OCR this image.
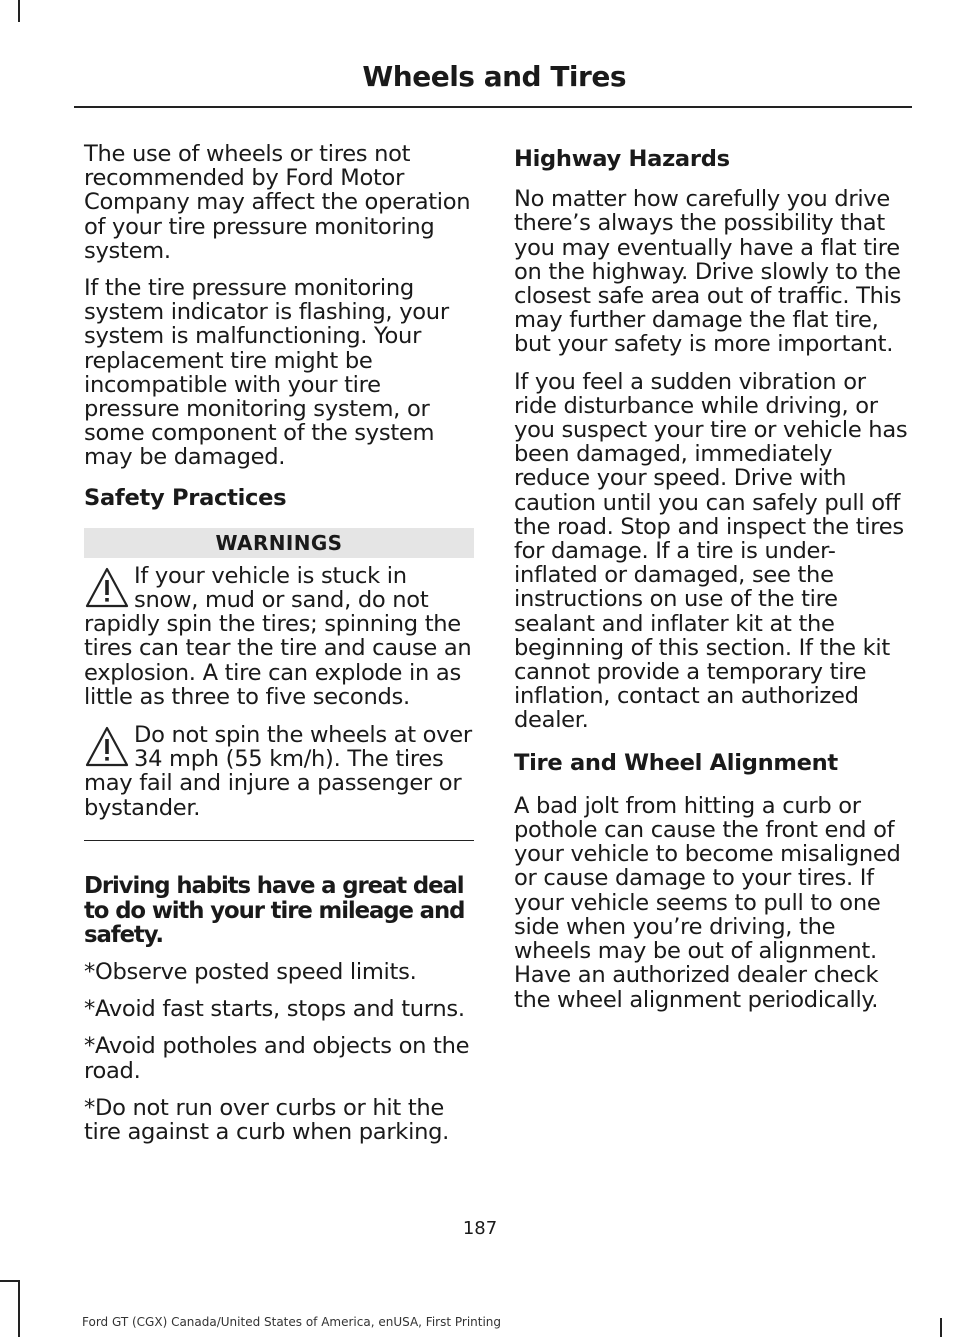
Wheels and Tires

The use of wheels or tires not recommended by Ford Motor Company may affect the operation of your tire pressure monitoring system.

If the tire pressure monitoring system indicator is flashing, your system is malfunctioning. Your replacement tire might be incompatible with your tire pressure monitoring system, or some component of the system may be damaged.

Safety Practices
WARNINGS

If your vehicle is stuck in snow, mud or sand, do not rapidly spin the tires; spinning the tires can tear the tire and cause an explosion. A tire can explode in as little as three to five seconds.

Do not spin the wheels at over 34 mph (55 km/h). The tires may fail and injure a passenger or bystander.

Driving habits have a great deal to do with your tire mileage and safety.

*Observe posted speed limits.

*Avoid fast starts, stops and turns.

*Avoid potholes and objects on the road.

*Do not run over curbs or hit the tire against a curb when parking.

Highway Hazards

No matter how carefully you drive there’s always the possibility that you may eventually have a flat tire on the highway. Drive slowly to the closest safe area out of traffic. This may further damage the flat tire, but your safety is more important.

If you feel a sudden vibration or ride disturbance while driving, or you suspect your tire or vehicle has been damaged, immediately reduce your speed. Drive with caution until you can safely pull off the road. Stop and inspect the tires for damage. If a tire is under-inflated or damaged, see the instructions on use of the tire sealant and inflater kit at the beginning of this section. If the kit cannot provide a temporary tire inflation, contact an authorized dealer.

Tire and Wheel Alignment

A bad jolt from hitting a curb or pothole can cause the front end of your vehicle to become misaligned or cause damage to your tires. If your vehicle seems to pull to one side when you’re driving, the wheels may be out of alignment. Have an authorized dealer check the wheel alignment periodically.

187
Ford GT (CGX) Canada/United States of America, enUSA, First Printing
